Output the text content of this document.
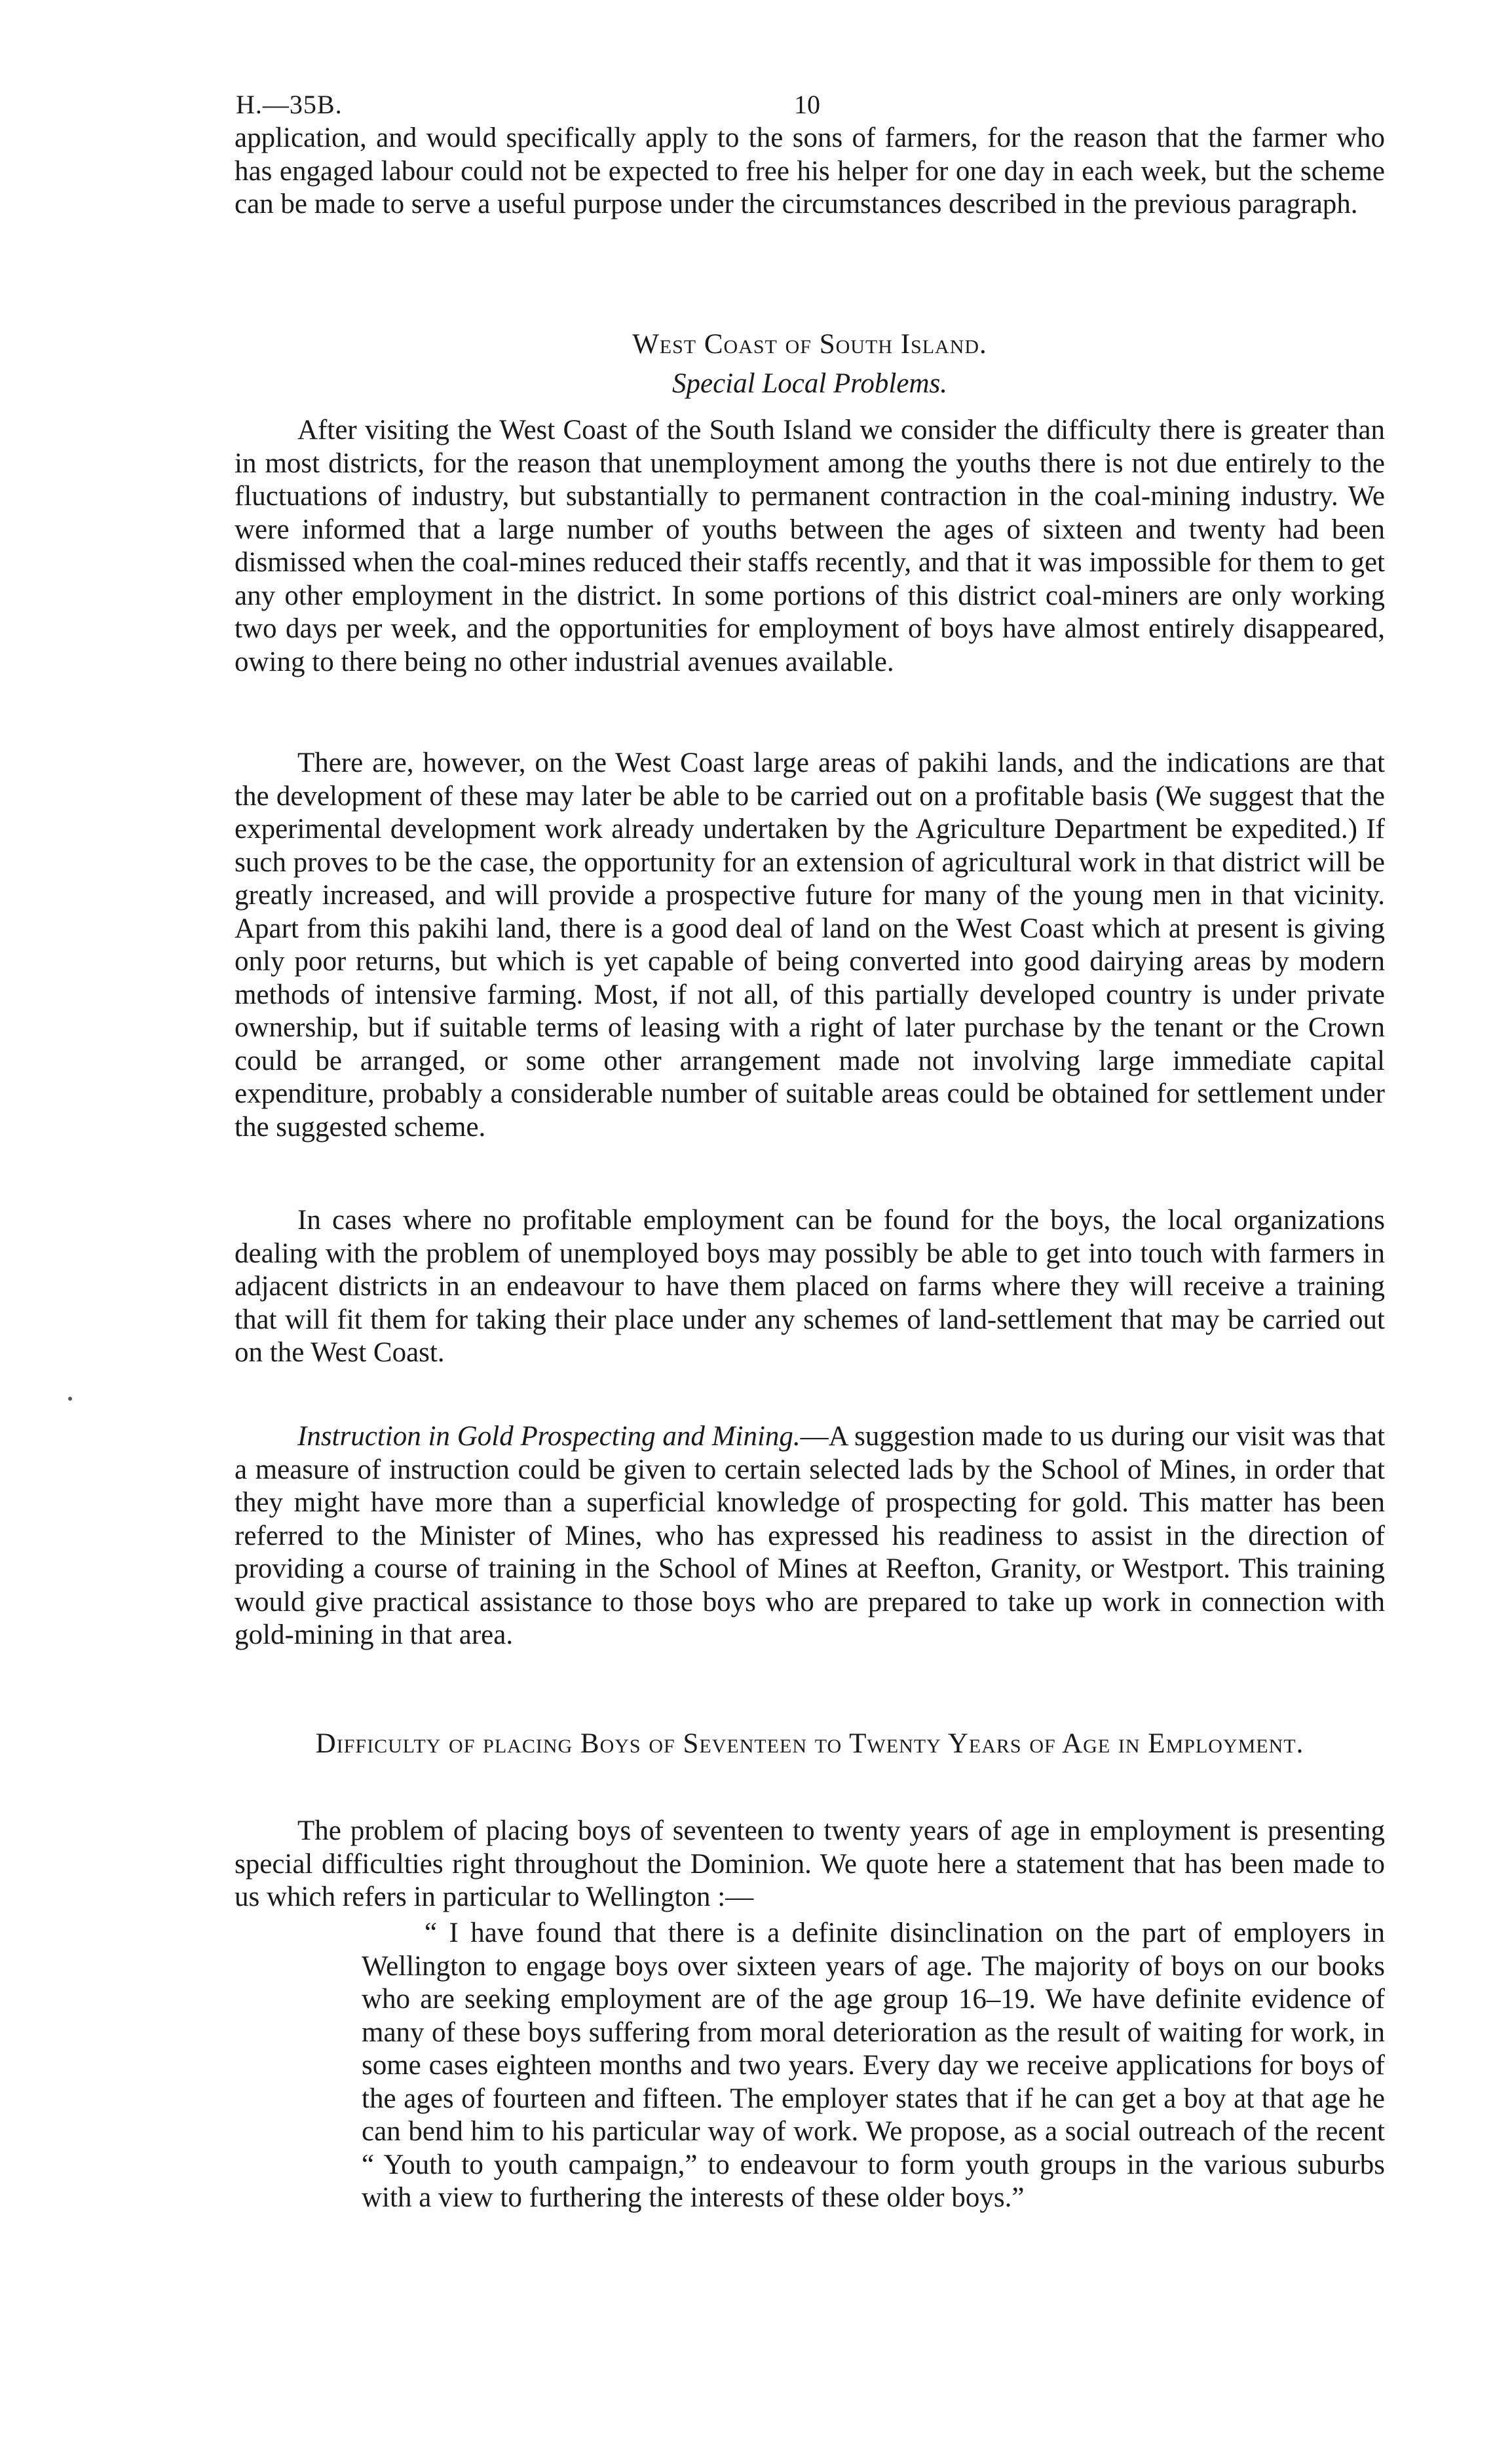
H.—35B.	10

application, and would specifically apply to the sons of farmers, for the reason that the farmer who has engaged labour could not be expected to free his helper for one day in each week, but the scheme can be made to serve a useful purpose under the circumstances described in the previous paragraph.

West Coast of South Island.
Special Local Problems.

After visiting the West Coast of the South Island we consider the difficulty there is greater than in most districts, for the reason that unemployment among the youths there is not due entirely to the fluctuations of industry, but substantially to permanent contraction in the coal-mining industry. We were informed that a large number of youths between the ages of sixteen and twenty had been dismissed when the coal-mines reduced their staffs recently, and that it was impossible for them to get any other employment in the district. In some portions of this district coal-miners are only working two days per week, and the opportunities for employment of boys have almost entirely disappeared, owing to there being no other industrial avenues available.

There are, however, on the West Coast large areas of pakihi lands, and the indications are that the development of these may later be able to be carried out on a profitable basis (We suggest that the experimental development work already undertaken by the Agriculture Department be expedited.) If such proves to be the case, the opportunity for an extension of agricultural work in that district will be greatly increased, and will provide a prospective future for many of the young men in that vicinity. Apart from this pakihi land, there is a good deal of land on the West Coast which at present is giving only poor returns, but which is yet capable of being converted into good dairying areas by modern methods of intensive farming. Most, if not all, of this partially developed country is under private ownership, but if suitable terms of leasing with a right of later purchase by the tenant or the Crown could be arranged, or some other arrangement made not involving large immediate capital expenditure, probably a considerable number of suitable areas could be obtained for settlement under the suggested scheme.

In cases where no profitable employment can be found for the boys, the local organizations dealing with the problem of unemployed boys may possibly be able to get into touch with farmers in adjacent districts in an endeavour to have them placed on farms where they will receive a training that will fit them for taking their place under any schemes of land-settlement that may be carried out on the West Coast.

Instruction in Gold Prospecting and Mining.—A suggestion made to us during our visit was that a measure of instruction could be given to certain selected lads by the School of Mines, in order that they might have more than a superficial knowledge of prospecting for gold. This matter has been referred to the Minister of Mines, who has expressed his readiness to assist in the direction of providing a course of training in the School of Mines at Reefton, Granity, or Westport. This training would give practical assistance to those boys who are prepared to take up work in connection with gold-mining in that area.

Difficulty of placing Boys of Seventeen to Twenty Years of Age in Employment.

The problem of placing boys of seventeen to twenty years of age in employment is presenting special difficulties right throughout the Dominion. We quote here a statement that has been made to us which refers in particular to Wellington :—

“ I have found that there is a definite disinclination on the part of employers in Wellington to engage boys over sixteen years of age. The majority of boys on our books who are seeking employment are of the age group 16–19. We have definite evidence of many of these boys suffering from moral deterioration as the result of waiting for work, in some cases eighteen months and two years. Every day we receive applications for boys of the ages of fourteen and fifteen. The employer states that if he can get a boy at that age he can bend him to his particular way of work. We propose, as a social outreach of the recent “ Youth to youth campaign,” to endeavour to form youth groups in the various suburbs with a view to furthering the interests of these older boys.”
